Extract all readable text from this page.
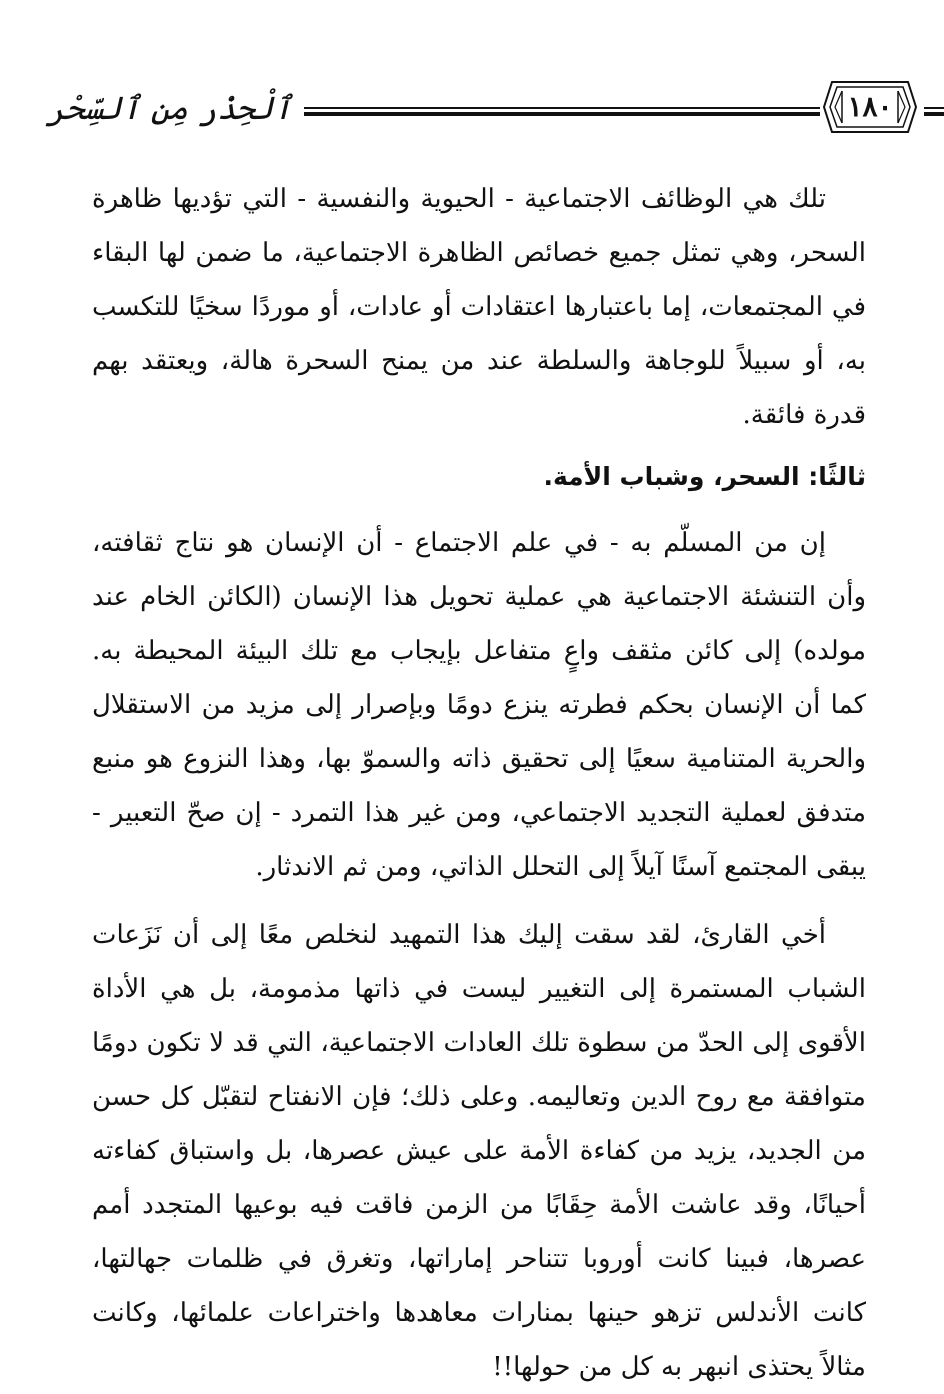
ٱلْحِذْر مِن ٱلسِّحْر	١٨٠

تلك هي الوظائف الاجتماعية - الحيوية والنفسية - التي تؤديها ظاهرة السحر، وهي تمثل جميع خصائص الظاهرة الاجتماعية، ما ضمن لها البقاء في المجتمعات، إما باعتبارها اعتقادات أو عادات، أو موردًا سخيًا للتكسب به، أو سبيلاً للوجاهة والسلطة عند من يمنح السحرة هالة، ويعتقد بهم قدرة فائقة.

ثالثًا: السحر، وشباب الأمة.

إن من المسلّم به - في علم الاجتماع - أن الإنسان هو نتاج ثقافته، وأن التنشئة الاجتماعية هي عملية تحويل هذا الإنسان (الكائن الخام عند مولده) إلى كائن مثقف واعٍ متفاعل بإيجاب مع تلك البيئة المحيطة به. كما أن الإنسان بحكم فطرته ينزع دومًا وبإصرار إلى مزيد من الاستقلال والحرية المتنامية سعيًا إلى تحقيق ذاته والسموّ بها، وهذا النزوع هو منبع متدفق لعملية التجديد الاجتماعي، ومن غير هذا التمرد - إن صحّ التعبير - يبقى المجتمع آسنًا آيلاً إلى التحلل الذاتي، ومن ثم الاندثار.

أخي القارئ، لقد سقت إليك هذا التمهيد لنخلص معًا إلى أن نَزَعات الشباب المستمرة إلى التغيير ليست في ذاتها مذمومة، بل هي الأداة الأقوى إلى الحدّ من سطوة تلك العادات الاجتماعية، التي قد لا تكون دومًا متوافقة مع روح الدين وتعاليمه. وعلى ذلك؛ فإن الانفتاح لتقبّل كل حسن من الجديد، يزيد من كفاءة الأمة على عيش عصرها، بل واستباق كفاءته أحيانًا، وقد عاشت الأمة حِقَابًا من الزمن فاقت فيه بوعيها المتجدد أمم عصرها، فبينا كانت أوروبا تتناحر إماراتها، وتغرق في ظلمات جهالتها، كانت الأندلس تزهو حينها بمنارات معاهدها واختراعات علمائها، وكانت مثالاً يحتذى انبهر به كل من حولها!!
